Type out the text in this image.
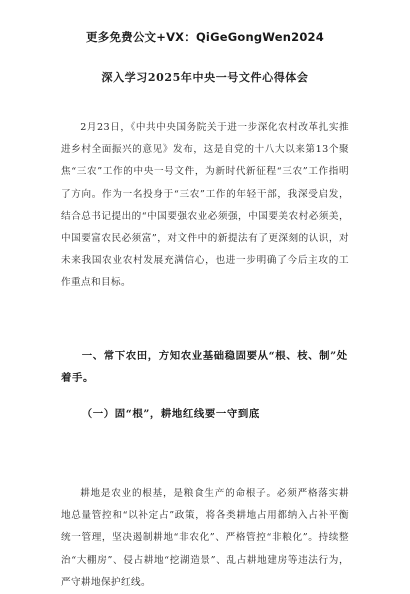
更多免费公文+VX：QiGeGongWen2024
深入学习2025年中央一号文件心得体会

2月23日，《中共中央国务院关于进一步深化农村改革扎实推进乡村全面振兴的意见》发布，这是自党的十八大以来第13个聚焦“三农”工作的中央一号文件，为新时代新征程“三农”工作指明了方向。作为一名投身于“三农”工作的年轻干部，我深受启发，结合总书记提出的“中国要强农业必须强，中国要美农村必须美，中国要富农民必须富”，对文件中的新提法有了更深刻的认识，对未来我国农业农村发展充满信心，也进一步明确了今后主攻的工作重点和目标。

一、常下农田，方知农业基础稳固要从“根、枝、制”处着手。

（一）固“根”，耕地红线要一守到底

耕地是农业的根基，是粮食生产的命根子。必须严格落实耕地总量管控和“以补定占”政策，将各类耕地占用都纳入占补平衡统一管理，坚决遏制耕地“非农化”、严格管控“非粮化”。持续整治“大棚房”、侵占耕地“挖湖造景”、乱占耕地建房等违法行为，严守耕地保护红线。
